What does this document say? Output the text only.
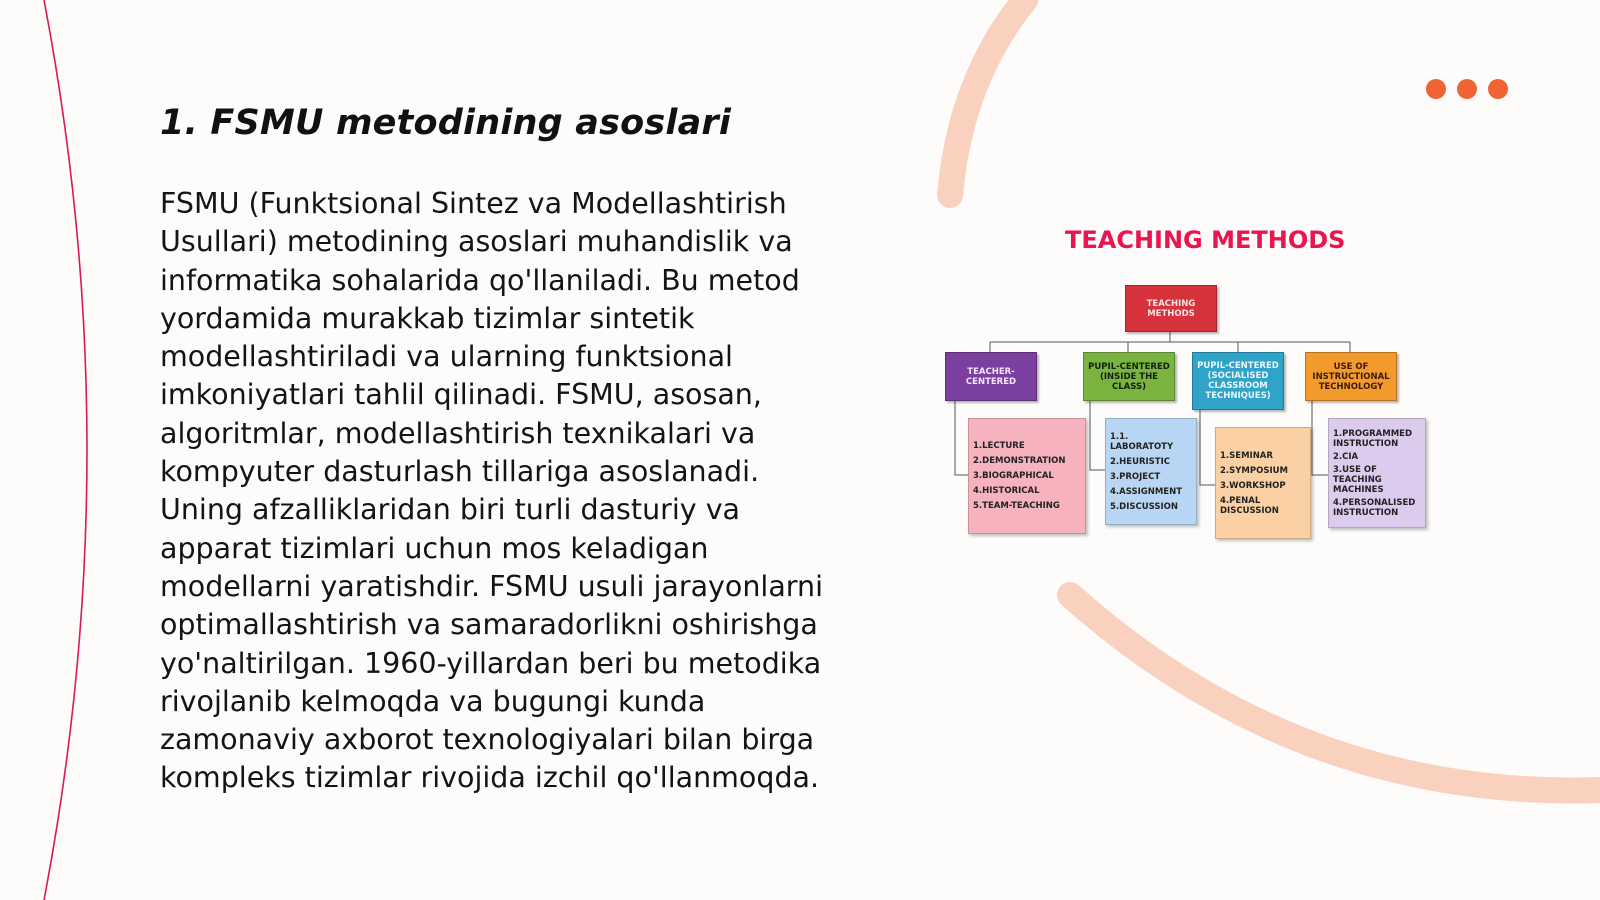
1. FSMU metodining asoslari

FSMU (Funktsional Sintez va Modellashtirish Usullari) metodining asoslari muhandislik va informatika sohalarida qo'llaniladi. Bu metod yordamida murakkab tizimlar sintetik modellashtiriladi va ularning funktsional imkoniyatlari tahlil qilinadi. FSMU, asosan, algoritmlar, modellashtirish texnikalari va kompyuter dasturlash tillariga asoslanadi. Uning afzalliklaridan biri turli dasturiy va apparat tizimlari uchun mos keladigan modellarni yaratishdir. FSMU usuli jarayonlarni optimallashtirish va samaradorlikni oshirishga yo'naltirilgan. 1960-yillardan beri bu metodika rivojlanib kelmoqda va bugungi kunda zamonaviy axborot texnologiyalari bilan birga kompleks tizimlar rivojida izchil qo'llanmoqda.

TEACHING METHODS
TEACHING METHODS
TEACHER- CENTERED
PUPIL-CENTERED (INSIDE THE CLASS)
PUPIL-CENTERED (SOCIALISED CLASSROOM TECHNIQUES)
USE OF INSTRUCTIONAL TECHNOLOGY
1.LECTURE
2.DEMONSTRATION
3.BIOGRAPHICAL
4.HISTORICAL
5.TEAM-TEACHING
1.1. LABORATOTY
2.HEURISTIC
3.PROJECT
4.ASSIGNMENT
5.DISCUSSION
1.SEMINAR
2.SYMPOSIUM
3.WORKSHOP
4.PENAL DISCUSSION
1.PROGRAMMED INSTRUCTION
2.CIA
3.USE OF TEACHING MACHINES
4.PERSONALISED INSTRUCTION
